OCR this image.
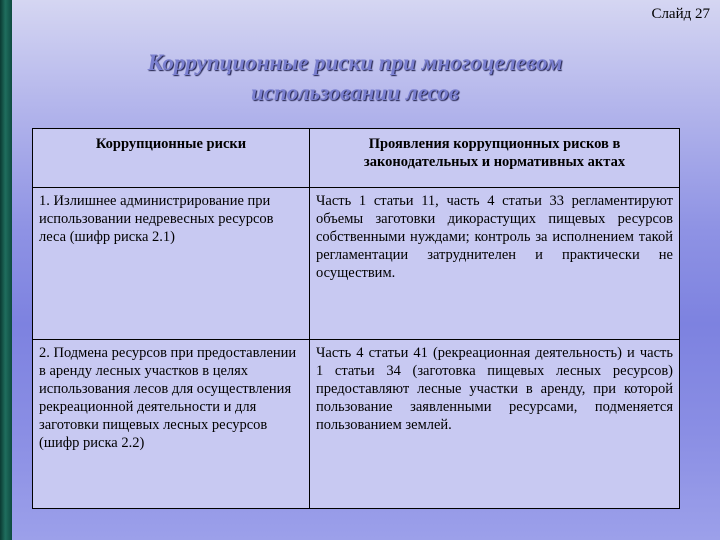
Слайд 27
Коррупционные риски при многоцелевом
использовании лесов
Коррупционные риски	Проявления коррупционных рисков в законодательных и нормативных актах
1. Излишнее администрирование при использовании недревесных ресурсов леса (шифр риска 2.1)	Часть 1 статьи 11, часть 4 статьи 33 регламентируют объемы заготовки дикорастущих пищевых ресурсов собственными нуждами; контроль за исполнением такой регламентации затруднителен и практически не осуществим.
2. Подмена ресурсов при предоставлении в аренду лесных участков в целях использования лесов для осуществления рекреационной деятельности и для заготовки пищевых лесных ресурсов (шифр риска 2.2)	Часть 4 статьи 41 (рекреационная деятельность) и часть 1 статьи 34 (заготовка пищевых лесных ресурсов) предоставляют лесные участки в аренду, при которой пользование заявленными ресурсами, подменяется пользованием землей.
